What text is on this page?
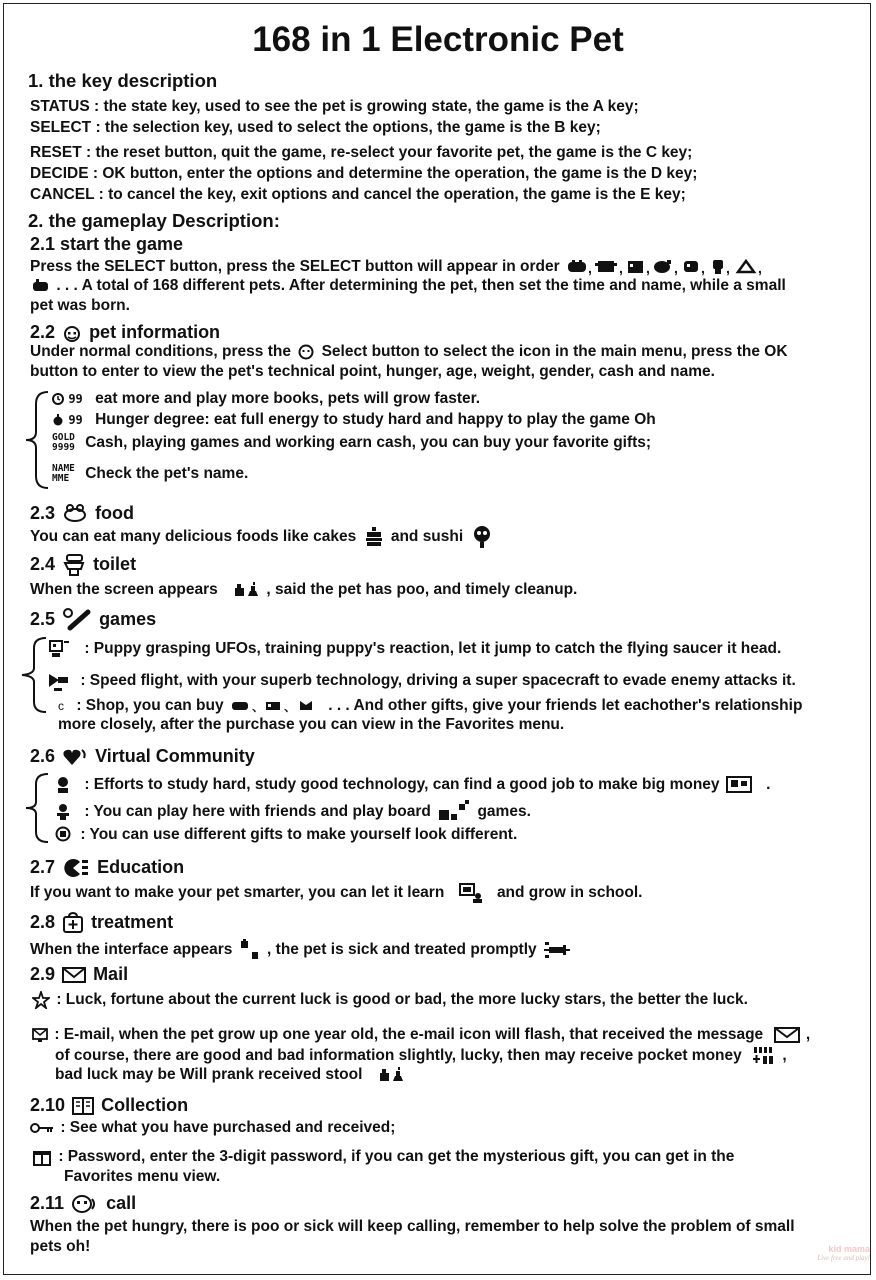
168 in 1 Electronic Pet
1. the key description
STATUS : the state key, used to see the pet is growing state, the game is the A key;
SELECT : the selection key, used to select the options, the game is the B key;
RESET : the reset button, quit the game, re-select your favorite pet, the game is the C key;
DECIDE : OK button, enter the options and determine the operation, the game is the D key;
CANCEL : to cancel the key, exit options and cancel the operation, the game is the E key;
2. the gameplay Description:
2.1 start the game
Press the SELECT button, press the SELECT button will appear in order , , , , , , ,
. . . A total of 168 different pets. After determining the pet, then set the time and name, while a small
pet was born.
2.2 pet information
Under normal conditions, press the Select button to select the icon in the main menu, press the OK
button to enter to view the pet's technical point, hunger, age, weight, gender, cash and name.
99 eat more and play more books, pets will grow faster.
99 Hunger degree: eat full energy to study hard and happy to play the game Oh
GOLD
9999 Cash, playing games and working earn cash, you can buy your favorite gifts;
NAME
MME	Check the pet's name.
2.3 food
You can eat many delicious foods like cakes and sushi
2.4 toilet
When the screen appears	, said the pet has poo, and timely cleanup.
2.5 games
: Puppy grasping UFOs, training puppy's reaction, let it jump to catch the flying saucer it head.
: Speed flight, with your superb technology, driving a super spacecraft to evade enemy attacks it.
c : Shop, you can buy 、 、 . . . And other gifts, give your friends let eachother's relationship
more closely, after the purchase you can view in the Favorites menu.
2.6 Virtual Community
: Efforts to study hard, study good technology, can find a good job to make big money	.
: You can play here with friends and play board	games.
: You can use different gifts to make yourself look different.
2.7 Education
If you want to make your pet smarter, you can let it learn	and grow in school.
2.8 treatment
When the interface appears , the pet is sick and treated promptly
2.9 Mail
: Luck, fortune about the current luck is good or bad, the more lucky stars, the better the luck.
: E-mail, when the pet grow up one year old, the e-mail icon will flash, that received the message	,
of course, there are good and bad information slightly, lucky, then may receive pocket money	,
bad luck may be Will prank received stool
2.10 Collection
: See what you have purchased and received;
: Password, enter the 3-digit password, if you can get the mysterious gift, you can get in the
Favorites menu view.
2.11 call
When the pet hungry, there is poo or sick will keep calling, remember to help solve the problem of small
pets oh!	kid mama
Live free and play!
